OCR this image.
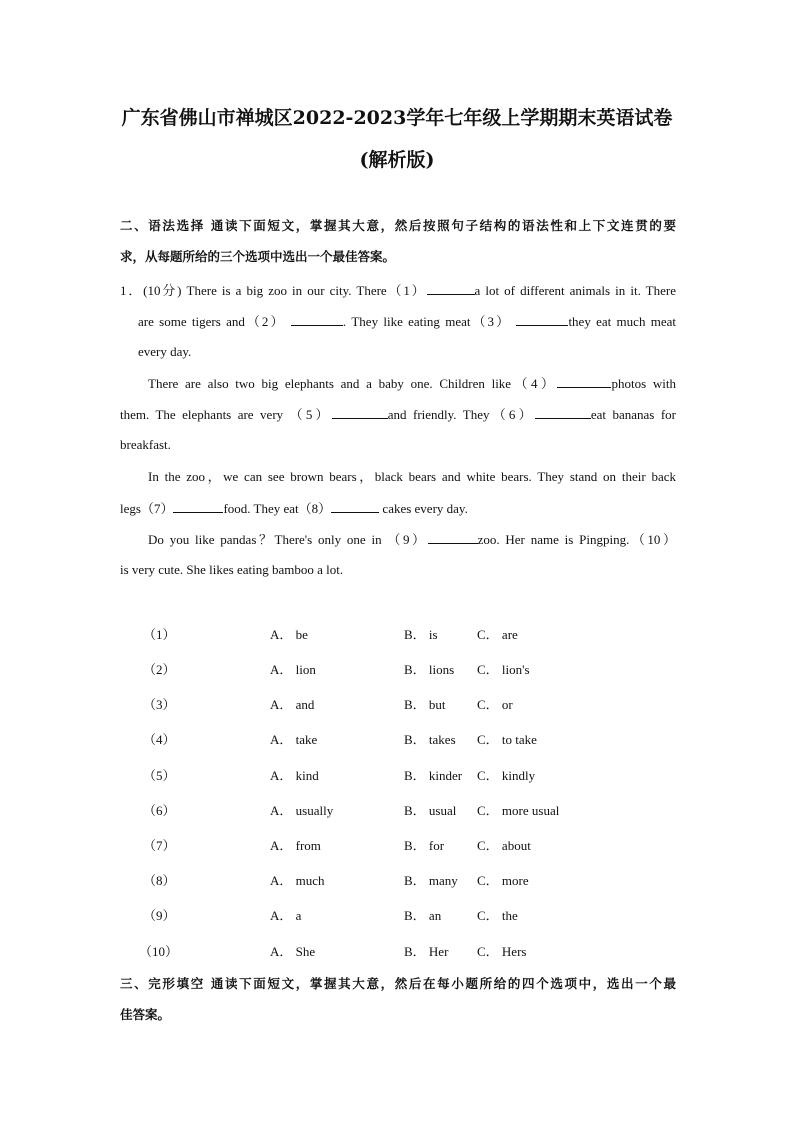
广东省佛山市禅城区2022-2023学年七年级上学期期末英语试卷
(解析版)
二、语法选择 通读下面短文，掌握其大意，然后按照句子结构的语法性和上下文连贯的要
求，从每题所给的三个选项中选出一个最佳答案。
1．(10分) There is a big zoo in our city. There（1）	a lot of different animals in it. There
are some tigers and（2）	. They like eating meat（3）	they eat much meat
every day.
There are also two big elephants and a baby one. Children like（4）	photos with
them. The elephants are very （5）	and friendly. They（6）	eat bananas for
breakfast.
In the zoo，we can see brown bears，black bears and white bears. They stand on their back
legs（7）	food. They eat（8）	cakes every day.
Do you like pandas？There's only one in （9）	zoo. Her name is Pingping.（10）
is very cute. She likes eating bamboo a lot.
（1）	A． be	B． is	C． are
（2）	A． lion	B． lions C． lion's
（3）	A． and	B． but C． or
（4）	A． take	B． takes C． to take
（5）	A． kind	B． kinder C． kindly
（6）	A． usually	B． usual C． more usual
（7）	A． from	B． for	C． about
（8）	A． much	B． many C． more
（9）	A． a	B． an	C． the
（10）	A． She	B． Her C． Hers
三、完形填空 通读下面短文，掌握其大意，然后在每小题所给的四个选项中，选出一个最
佳答案。
